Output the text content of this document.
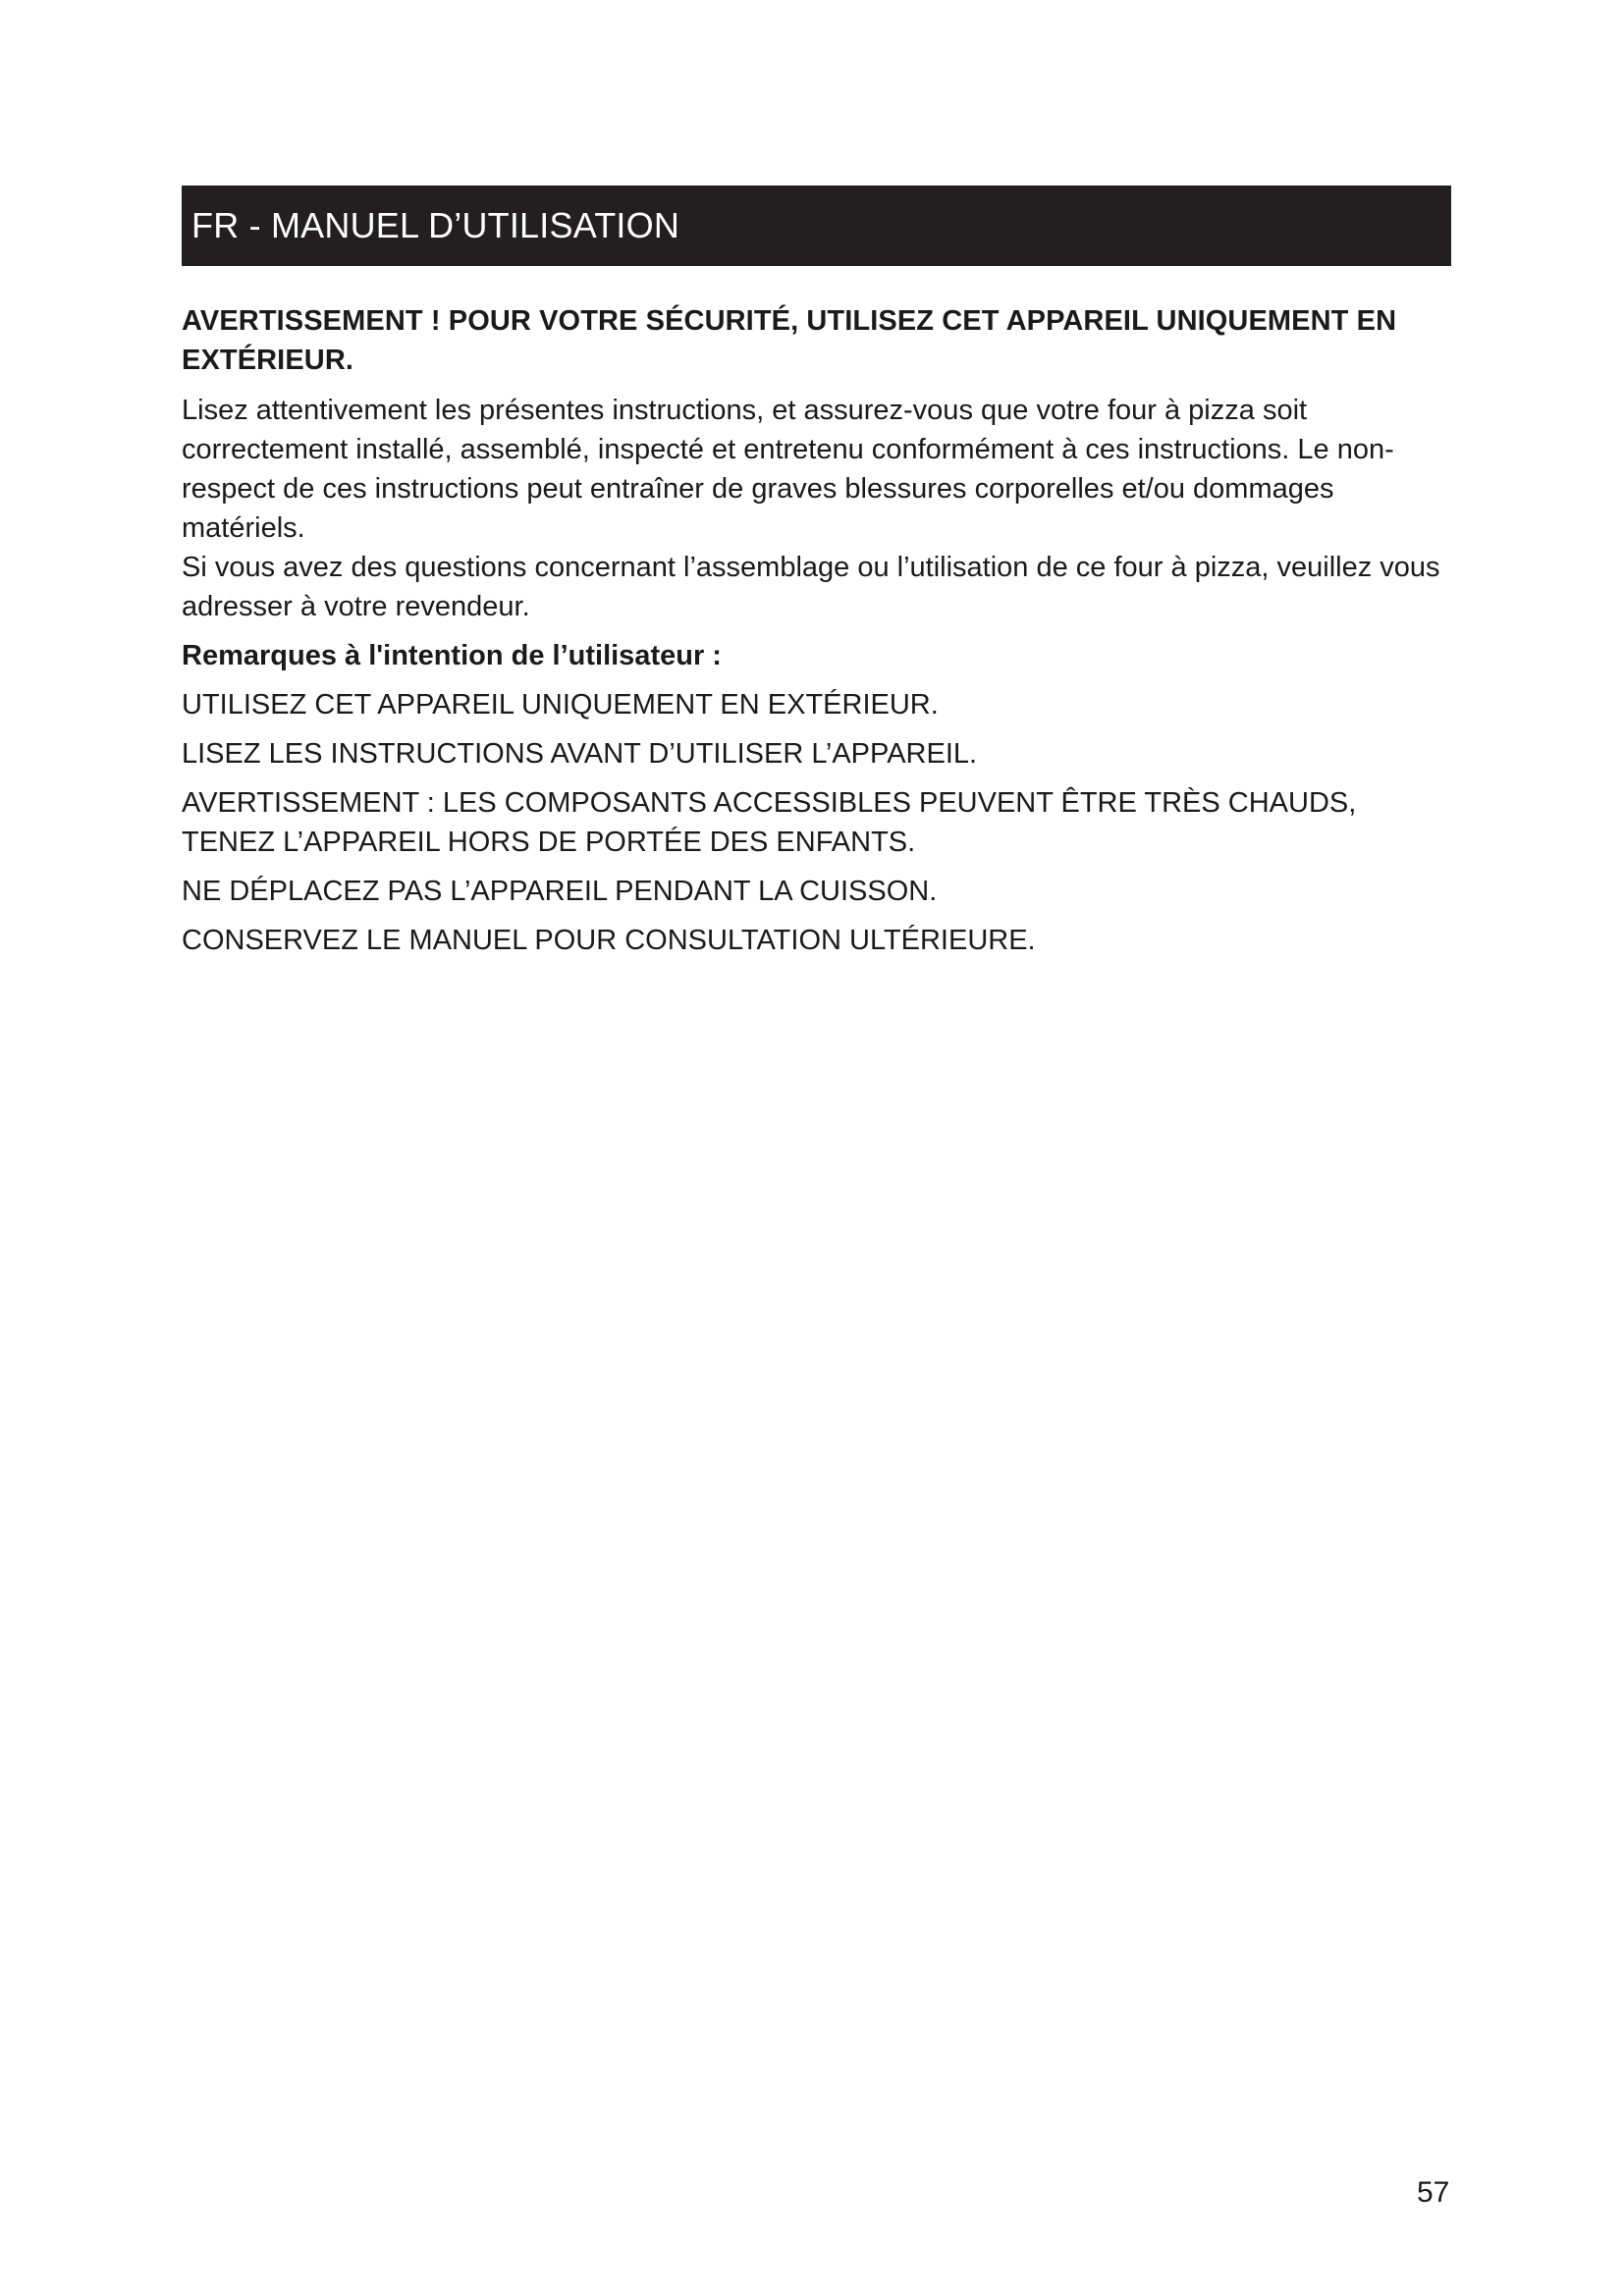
FR - MANUEL D’UTILISATION
AVERTISSEMENT ! POUR VOTRE SÉCURITÉ, UTILISEZ CET APPAREIL UNIQUEMENT EN EXTÉRIEUR.
Lisez attentivement les présentes instructions, et assurez-vous que votre four à pizza soit correctement installé, assemblé, inspecté et entretenu conformément à ces instructions. Le non-respect de ces instructions peut entraîner de graves blessures corporelles et/ou dommages matériels.
Si vous avez des questions concernant l’assemblage ou l’utilisation de ce four à pizza, veuillez vous adresser à votre revendeur.
Remarques à l'intention de l’utilisateur :
UTILISEZ CET APPAREIL UNIQUEMENT EN EXTÉRIEUR.
LISEZ LES INSTRUCTIONS AVANT D’UTILISER L’APPAREIL.
AVERTISSEMENT : LES COMPOSANTS ACCESSIBLES PEUVENT ÊTRE TRÈS CHAUDS, TENEZ L’APPAREIL HORS DE PORTÉE DES ENFANTS.
NE DÉPLACEZ PAS L’APPAREIL PENDANT LA CUISSON.
CONSERVEZ LE MANUEL POUR CONSULTATION ULTÉRIEURE.
57
